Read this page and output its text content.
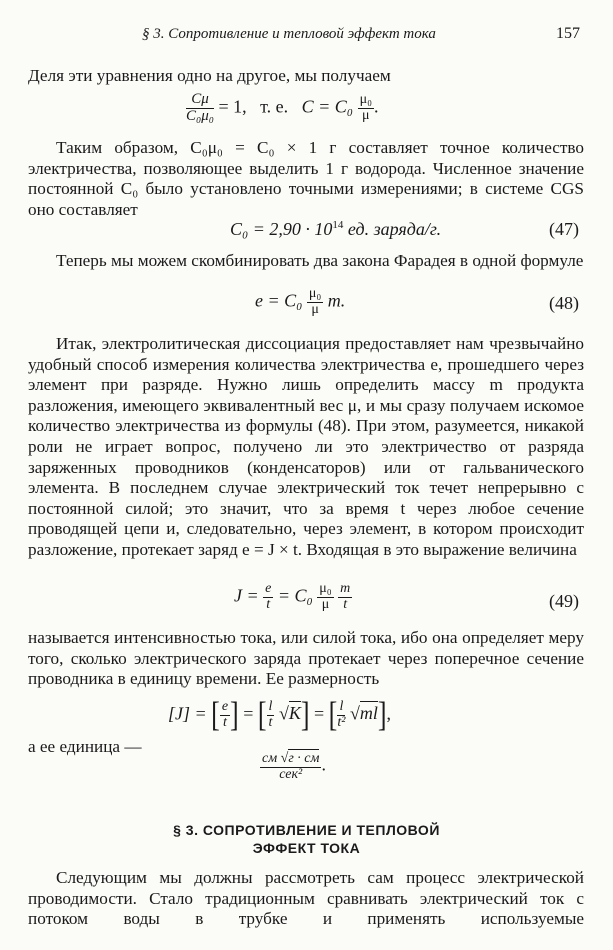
§ 3. Сопротивление и тепловой эффект тока	157
Деля эти уравнения одно на другое, мы получаем
$\frac{C\mu}{\text{C₀μ₀}} = 1$, т. е. $C = C_0 \frac{\text{μ₀}}{\mu}$ .
Таким образом, C₀μ₀ = C₀ × 1 г составляет точное количество электричества, позволяющее выделить 1 г водорода. Численное значение постоянной C₀ было установлено точными измерениями; в системе CGS оно составляет
$C_0 = 2,90 \cdot 10^{14}$ ед. заряда/г.	(47)
Теперь мы можем скомбинировать два закона Фарадея в одной формуле
$e = C_0 \frac{\text{μ₀}}{\mu} m$.	(48)
Итак, электролитическая диссоциация предоставляет нам чрезвычайно удобный способ измерения количества электричества e, прошедшего через элемент при разряде. Нужно лишь определить массу m продукта разложения, имеющего эквивалентный вес μ, и мы сразу получаем искомое количество электричества из формулы (48). При этом, разумеется, никакой роли не играет вопрос, получено ли это электричество от разряда заряженных проводников (конденсаторов) или от гальванического элемента. В последнем случае электрический ток течет непрерывно с постоянной силой; это значит, что за время t через любое сечение проводящей цепи и, следовательно, через элемент, в котором происходит разложение, протекает заряд e = J × t. Входящая в это выражение величина
$J = \frac{e}{t} = C_0 \frac{\text{μ₀}}{\mu}$
$\frac{m}{t}$	(49)
называется интенсивностью тока, или силой тока, ибо она определяет меру того, сколько электрического заряда протекает через поперечное сечение проводника в единицу времени. Ее размерность
[J] = [ $\frac{e}{t}$ ] = [ $\frac{l}{t} √K$] = [ $\frac{l}{\text{t²}} √ml$],
а ее единица —
$\frac{см √г \cdot см}{\text{сек²}}$ .
§ 3. СОПРОТИВЛЕНИЕ И ТЕПЛОВОЙ
ЭФФЕКТ ТОКА
Следующим мы должны рассмотреть сам процесс электрической проводимости. Стало традиционным сравнивать электрический ток с потоком воды в трубке и применять используемые
